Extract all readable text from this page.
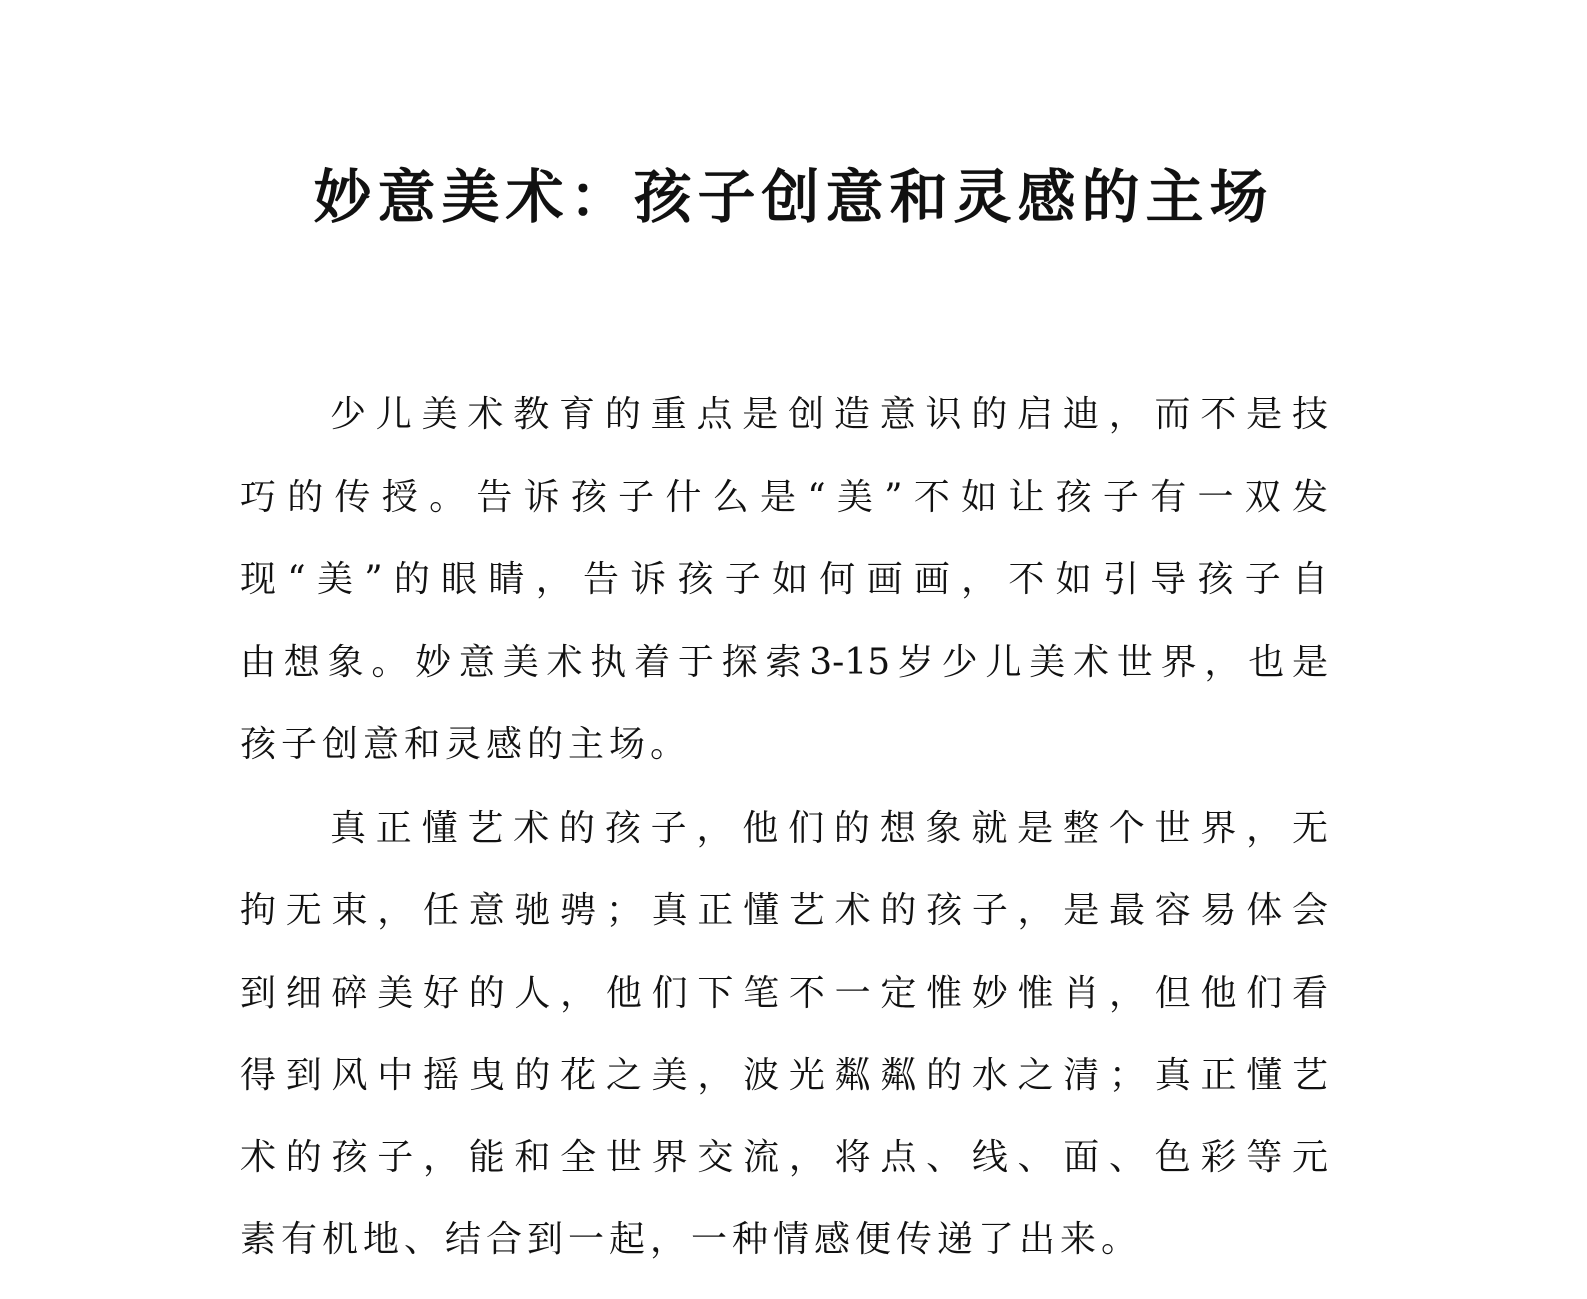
妙意美术：孩子创意和灵感的主场
少儿美术教育的重点是创造意识的启迪，而不是技
巧的传授。告诉孩子什么是“美”不如让孩子有一双发
现“美”的眼睛，告诉孩子如何画画，不如引导孩子自
由想象。妙意美术执着于探索3-15岁少儿美术世界，也是
孩子创意和灵感的主场。
真正懂艺术的孩子，他们的想象就是整个世界，无
拘无束，任意驰骋；真正懂艺术的孩子，是最容易体会
到细碎美好的人，他们下笔不一定惟妙惟肖，但他们看
得到风中摇曳的花之美，波光粼粼的水之清；真正懂艺
术的孩子，能和全世界交流，将点、线、面、色彩等元
素有机地、结合到一起，一种情感便传递了出来。
